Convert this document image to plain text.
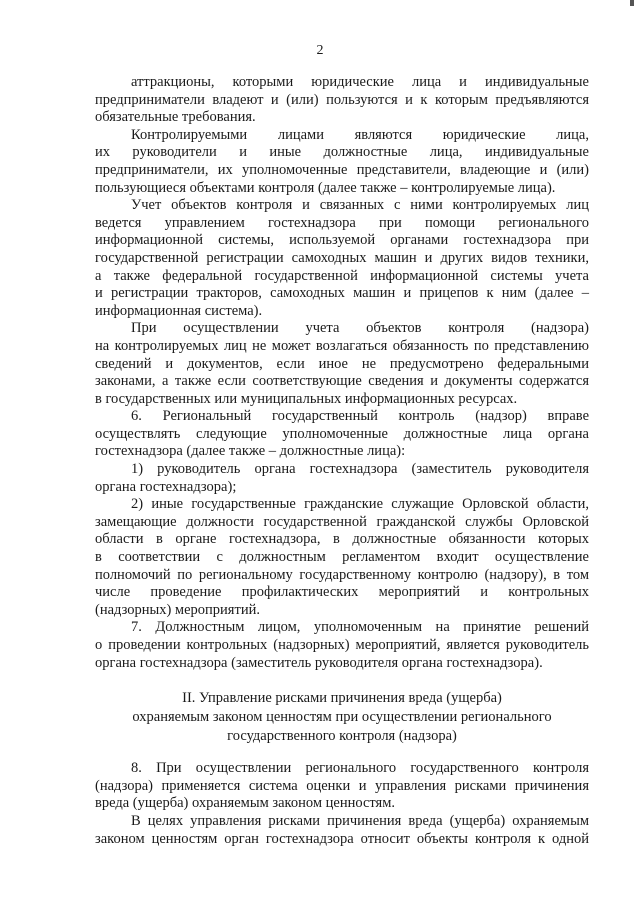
2
аттракционы, которыми юридические лица и индивидуальные
предприниматели владеют и (или) пользуются и к которым предъявляются
обязательные требования.
Контролируемыми лицами являются юридические лица,
их руководители и иные должностные лица, индивидуальные
предприниматели, их уполномоченные представители, владеющие и (или)
пользующиеся объектами контроля (далее также – контролируемые лица).
Учет объектов контроля и связанных с ними контролируемых лиц
ведется управлением гостехнадзора при помощи регионального
информационной системы, используемой органами гостехнадзора при
государственной регистрации самоходных машин и других видов техники,
а также федеральной государственной информационной системы учета
и регистрации тракторов, самоходных машин и прицепов к ним (далее –
информационная система).
При осуществлении учета объектов контроля (надзора)
на контролируемых лиц не может возлагаться обязанность по представлению
сведений и документов, если иное не предусмотрено федеральными
законами, а также если соответствующие сведения и документы содержатся
в государственных или муниципальных информационных ресурсах.
6. Региональный государственный контроль (надзор) вправе
осуществлять следующие уполномоченные должностные лица органа
гостехнадзора (далее также – должностные лица):
1) руководитель органа гостехнадзора (заместитель руководителя
органа гостехнадзора);
2) иные государственные гражданские служащие Орловской области,
замещающие должности государственной гражданской службы Орловской
области в органе гостехнадзора, в должностные обязанности которых
в соответствии с должностным регламентом входит осуществление
полномочий по региональному государственному контролю (надзору), в том
числе проведение профилактических мероприятий и контрольных
(надзорных) мероприятий.
7. Должностным лицом, уполномоченным на принятие решений
о проведении контрольных (надзорных) мероприятий, является руководитель
органа гостехнадзора (заместитель руководителя органа гостехнадзора).
II. Управление рисками причинения вреда (ущерба)
охраняемым законом ценностям при осуществлении регионального
государственного контроля (надзора)
8. При осуществлении регионального государственного контроля
(надзора) применяется система оценки и управления рисками причинения
вреда (ущерба) охраняемым законом ценностям.
В целях управления рисками причинения вреда (ущерба) охраняемым
законом ценностям орган гостехнадзора относит объекты контроля к одной
